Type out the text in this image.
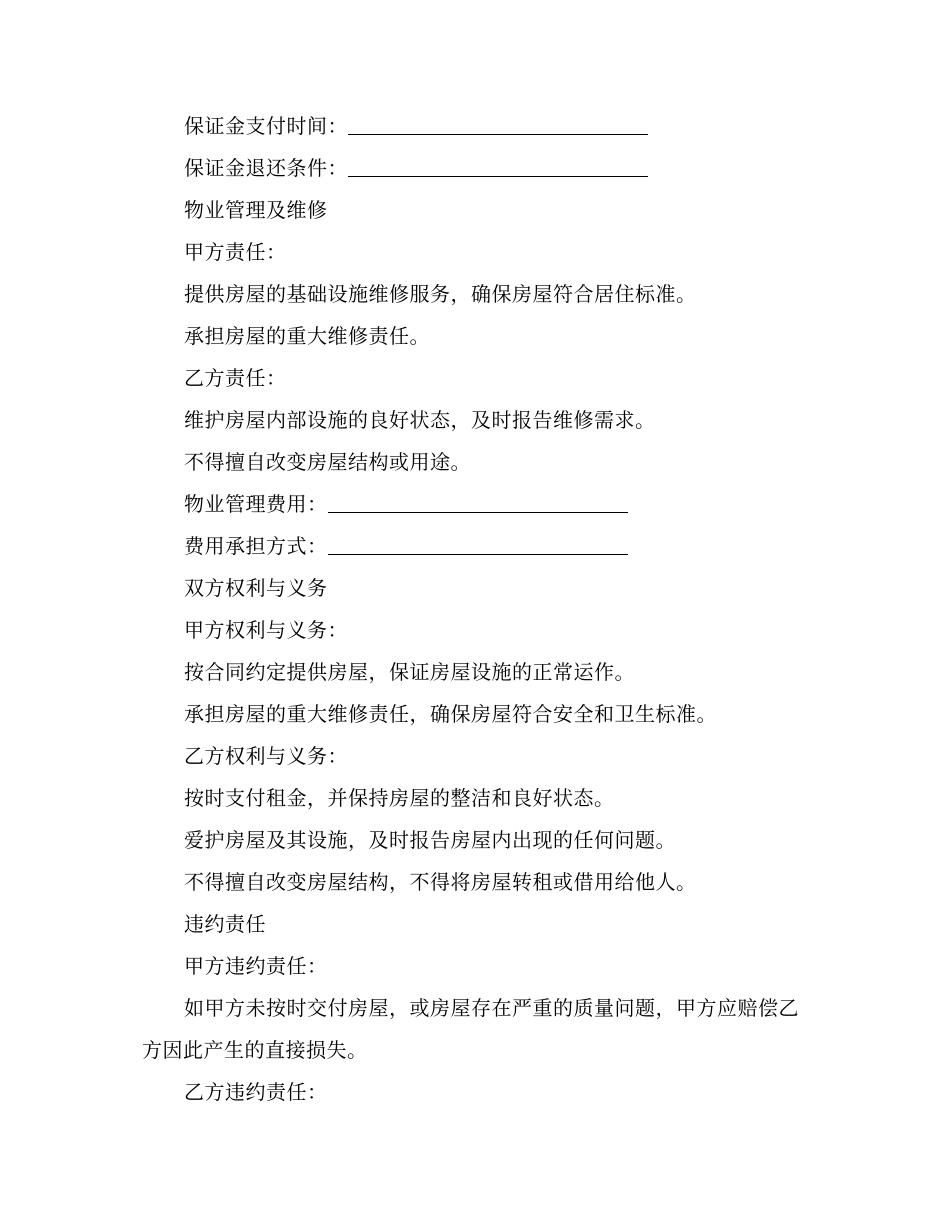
保证金支付时间：
保证金退还条件：
物业管理及维修
甲方责任：
提供房屋的基础设施维修服务，确保房屋符合居住标准。
承担房屋的重大维修责任。
乙方责任：
维护房屋内部设施的良好状态，及时报告维修需求。
不得擅自改变房屋结构或用途。
物业管理费用：
费用承担方式：
双方权利与义务
甲方权利与义务：
按合同约定提供房屋，保证房屋设施的正常运作。
承担房屋的重大维修责任，确保房屋符合安全和卫生标准。
乙方权利与义务：
按时支付租金，并保持房屋的整洁和良好状态。
爱护房屋及其设施，及时报告房屋内出现的任何问题。
不得擅自改变房屋结构，不得将房屋转租或借用给他人。
违约责任
甲方违约责任：

如甲方未按时交付房屋，或房屋存在严重的质量问题，甲方应赔偿乙方因此产生的直接损失。

乙方违约责任：
